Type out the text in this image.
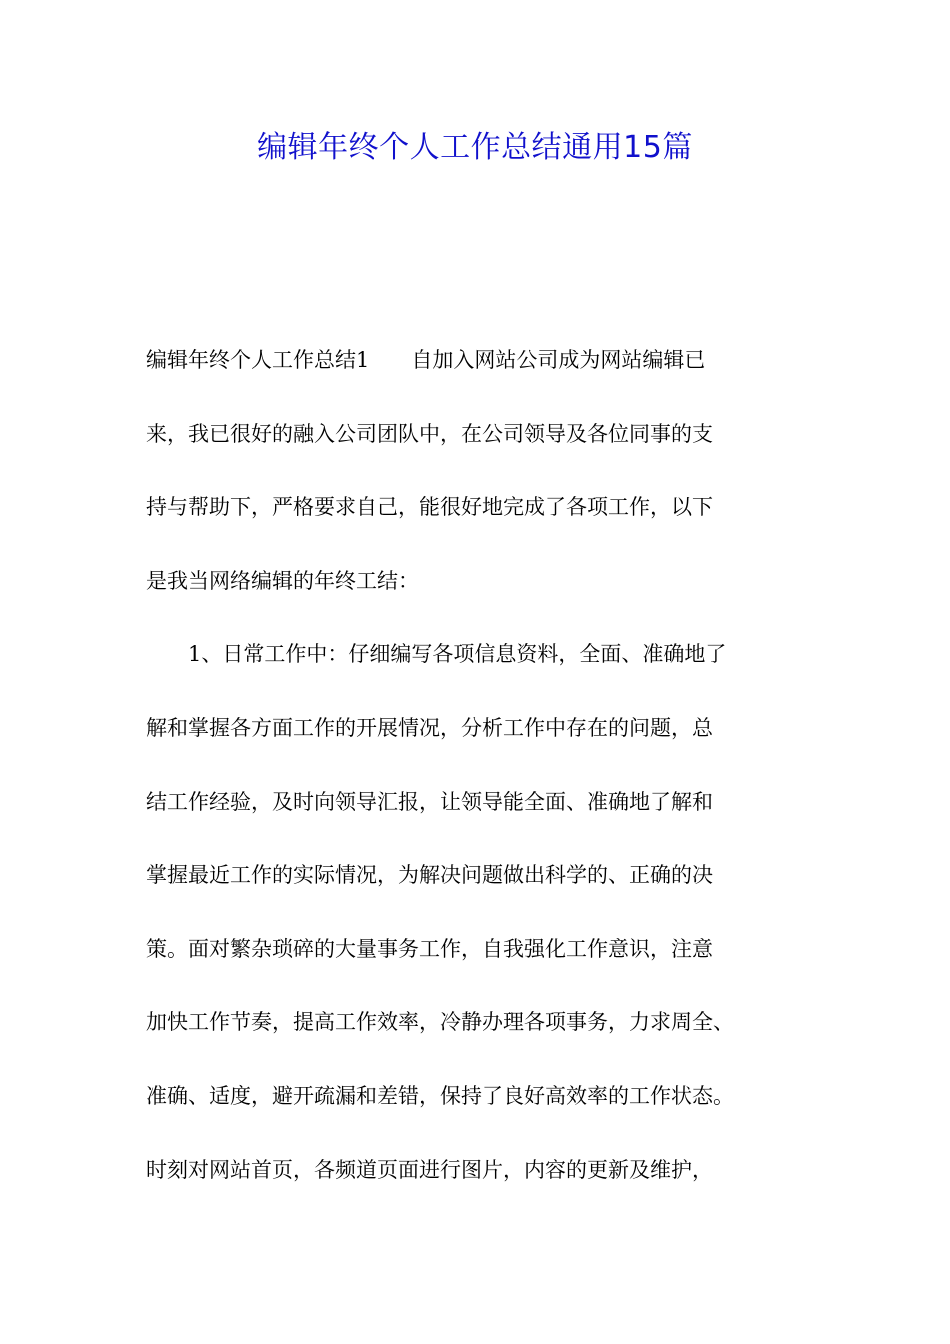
编辑年终个人工作总结通用15篇
编辑年终个人工作总结1　　自加入网站公司成为网站编辑已
来，我已很好的融入公司团队中，在公司领导及各位同事的支
持与帮助下，严格要求自己，能很好地完成了各项工作，以下
是我当网络编辑的年终工结：
　　1、日常工作中：仔细编写各项信息资料，全面、准确地了
解和掌握各方面工作的开展情况，分析工作中存在的问题，总
结工作经验，及时向领导汇报，让领导能全面、准确地了解和
掌握最近工作的实际情况，为解决问题做出科学的、正确的决
策。面对繁杂琐碎的大量事务工作，自我强化工作意识，注意
加快工作节奏，提高工作效率，冷静办理各项事务，力求周全、
准确、适度，避开疏漏和差错，保持了良好高效率的工作状态。
时刻对网站首页，各频道页面进行图片，内容的更新及维护，
